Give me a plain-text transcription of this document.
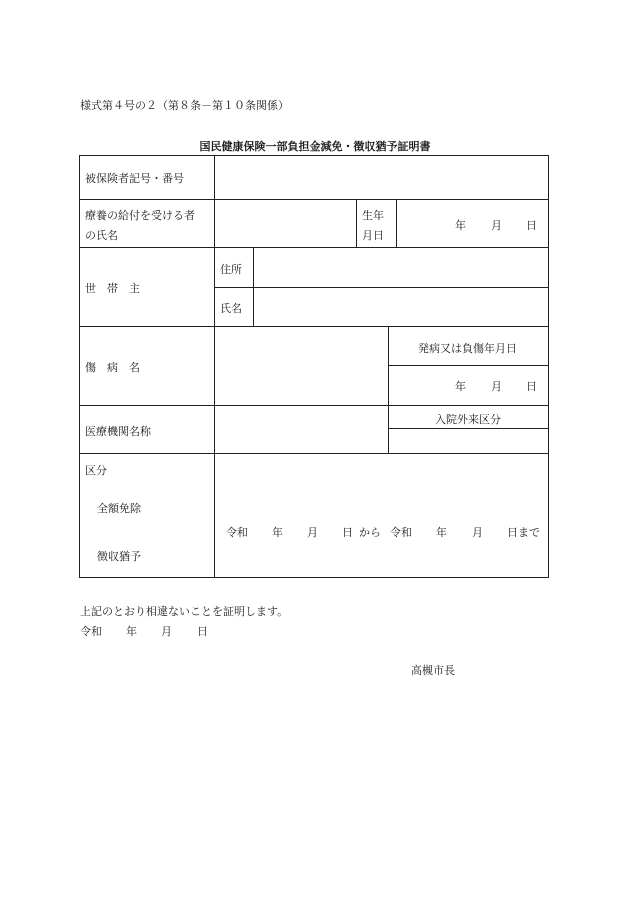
様式第４号の２（第８条－第１０条関係）
国民健康保険一部負担金減免・徴収猶予証明書
被保険者記号・番号
療養の給付を受ける者
の氏名
生年
月日
年 月 日
世　帯　主
住所
氏名
傷　病　名
発病又は負傷年月日
年 月 日
医療機関名称
入院外来区分
区分
全額免除
徴収猶予
令和 年 月 日 から 令和 年 月 日まで
上記のとおり相違ないことを証明します。
令和 年 月 日
高槻市長
